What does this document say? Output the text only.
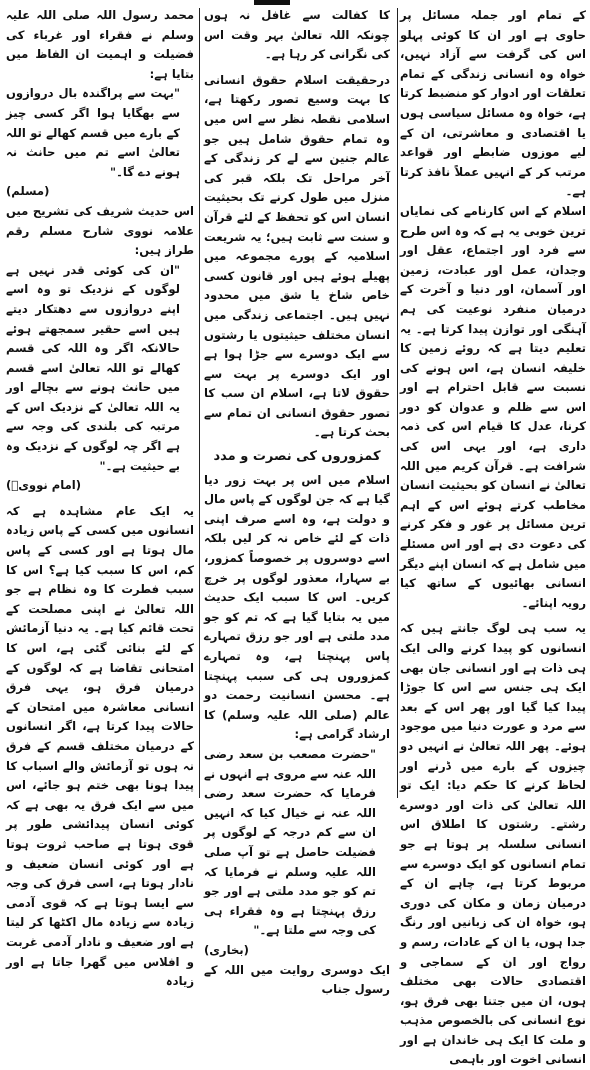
کے تمام اور جملہ مسائل پر حاوی ہے اور ان کا کوئی پہلو اس کی گرفت سے آزاد نہیں، خواہ وہ انسانی زندگی کے تمام تعلقات اور ادوار کو منضبط کرتا ہے، خواہ وہ مسائل سیاسی ہوں یا اقتصادی و معاشرتی، ان کے لیے موزوں ضابطے اور قواعد مرتب کر کے انہیں عملاً نافذ کرتا ہے۔

اسلام کے اس کارنامے کی نمایاں ترین خوبی یہ ہے کہ وہ اس طرح سے فرد اور اجتماع، عقل اور وجدان، عمل اور عبادت، زمین اور آسمان، اور دنیا و آخرت کے درمیان منفرد نوعیت کی ہم آہنگی اور توازن پیدا کرتا ہے۔ یہ تعلیم دیتا ہے کہ روئے زمین کا خلیفہ انسان ہے، اس ہونے کی نسبت سے قابل احترام ہے اور اس سے ظلم و عدوان کو دور کرنا، عدل کا قیام اس کی ذمہ داری ہے، اور یہی اس کی شرافت ہے۔ قرآن کریم میں اللہ تعالیٰ نے انسان کو بحیثیت انسان مخاطب کرتے ہوئے اس کے اہم ترین مسائل پر غور و فکر کرنے کی دعوت دی ہے اور اس مسئلے میں شامل ہے کہ انسان اپنے دیگر انسانی بھائیوں کے ساتھ کیا رویہ اپنائے۔

یہ سب ہی لوگ جانتے ہیں کہ انسانوں کو پیدا کرنے والی ایک ہی ذات ہے اور انسانی جان بھی ایک ہی جنس سے اس کا جوڑا پیدا کیا گیا اور پھر اس کے بعد سے مرد و عورت دنیا میں موجود ہوئے۔ پھر اللہ تعالیٰ نے انہیں دو چیزوں کے بارے میں ڈرنے اور لحاظ کرنے کا حکم دیا: ایک تو اللہ تعالیٰ کی ذات اور دوسرے رشتے۔ رشتوں کا اطلاق اس انسانی سلسلہ پر ہوتا ہے جو تمام انسانوں کو ایک دوسرے سے مربوط کرتا ہے، چاہے ان کے درمیان زمان و مکان کی دوری ہو، خواہ ان کی زبانیں اور رنگ جدا ہوں، یا ان کے عادات، رسم و رواج اور ان کے سماجی و اقتصادی حالات بھی مختلف ہوں، ان میں جتنا بھی فرق ہو، نوع انسانی کی بالخصوص مذہب و ملت کا ایک ہی خاندان ہے اور انسانی اخوت اور باہمی

کا کفالت سے غافل نہ ہوں چونکہ اللہ تعالیٰ بہر وقت اس کی نگرانی کر رہا ہے۔

درحقیقت اسلام حقوق انسانی کا بہت وسیع تصور رکھتا ہے، اسلامی نقطہ نظر سے اس میں وہ تمام حقوق شامل ہیں جو عالم جنین سے لے کر زندگی کے آخر مراحل تک بلکہ قبر کی منزل میں طول کرنے تک بحیثیت انسان اس کو تحفظ کے لئے قرآن و سنت سے ثابت ہیں؛ یہ شریعت اسلامیہ کے پورے مجموعہ میں پھیلے ہوئے ہیں اور قانون کسی خاص شاخ یا شق میں محدود نہیں ہیں۔ اجتماعی زندگی میں انسان مختلف حیثیتوں یا رشتوں سے ایک دوسرے سے جڑا ہوا ہے اور ایک دوسرے پر بہت سے حقوق لاتا ہے، اسلام ان سب کا تصور حقوق انسانی ان تمام سے بحث کرتا ہے۔

کمزوروں کی نصرت و مدد

اسلام میں اس پر بہت زور دیا گیا ہے کہ جن لوگوں کے پاس مال و دولت ہے، وہ اسے صرف اپنی ذات کے لئے خاص نہ کر لیں بلکہ اسے دوسروں پر خصوصاً کمزور، بے سہارا، معذور لوگوں پر خرچ کریں۔ اس کا سبب ایک حدیث میں یہ بتایا گیا ہے کہ تم کو جو مدد ملتی ہے اور جو رزق تمہارے پاس پہنچتا ہے، وہ تمہارے کمزوروں ہی کی سبب پہنچتا ہے۔ محسن انسانیت رحمت دو عالم (صلی اللہ علیہ وسلم) کا ارشاد گرامی ہے:

"حضرت مصعب بن سعد رضی اللہ عنہ سے مروی ہے انہوں نے فرمایا کہ حضرت سعد رضی اللہ عنہ نے خیال کیا کہ انہیں ان سے کم درجہ کے لوگوں پر فضیلت حاصل ہے تو آپ صلی اللہ علیہ وسلم نے فرمایا کہ تم کو جو مدد ملتی ہے اور جو رزق پہنچتا ہے وہ فقراء ہی کی وجہ سے ملتا ہے۔"

(بخاری)

ایک دوسری روایت میں اللہ کے رسول جناب

محمد رسول اللہ صلی اللہ علیہ وسلم نے فقراء اور غرباء کی فضیلت و اہمیت ان الفاظ میں بتایا ہے:

"بہت سے پراگندہ بال دروازوں سے بھگایا ہوا اگر کسی چیز کے بارے میں قسم کھالے تو اللہ تعالیٰ اسے تم میں حانث نہ ہونے دے گا۔"

(مسلم)

اس حدیث شریف کی تشریح میں علامہ نووی شارح مسلم رقم طراز ہیں:

"ان کی کوئی قدر نہیں ہے لوگوں کے نزدیک تو وہ اسے اپنے دروازوں سے دھتکار دیتے ہیں اسے حقیر سمجھتے ہوئے حالانکہ اگر وہ اللہ کی قسم کھالے تو اللہ تعالیٰ اسے قسم میں حانث ہونے سے بچالے اور یہ اللہ تعالیٰ کے نزدیک اس کے مرتبہ کی بلندی کی وجہ سے ہے اگر چہ لوگوں کے نزدیک وہ بے حیثیت ہے۔"

(امام نوویؒ)

یہ ایک عام مشاہدہ ہے کہ انسانوں میں کسی کے پاس زیادہ مال ہوتا ہے اور کسی کے پاس کم، اس کا سبب کیا ہے؟ اس کا سبب فطرت کا وہ نظام ہے جو اللہ تعالیٰ نے اپنی مصلحت کے تحت قائم کیا ہے۔ یہ دنیا آزمائش کے لئے بنائی گئی ہے، اس کا امتحانی تقاضا ہے کہ لوگوں کے درمیان فرق ہو، یہی فرق انسانی معاشرہ میں امتحان کے حالات پیدا کرتا ہے، اگر انسانوں کے درمیان مختلف قسم کے فرق نہ ہوں تو آزمائش والے اسباب کا پیدا ہونا بھی ختم ہو جائے، اس میں سے ایک فرق یہ بھی ہے کہ کوئی انسان پیدائشی طور پر قوی ہوتا ہے صاحب ثروت ہوتا ہے اور کوئی انسان ضعیف و نادار ہوتا ہے، اسی فرق کی وجہ سے ایسا ہوتا ہے کہ قوی آدمی زیادہ سے زیادہ مال اکٹھا کر لیتا ہے اور ضعیف و نادار آدمی غربت و افلاس میں گھرا جاتا ہے اور زیادہ
